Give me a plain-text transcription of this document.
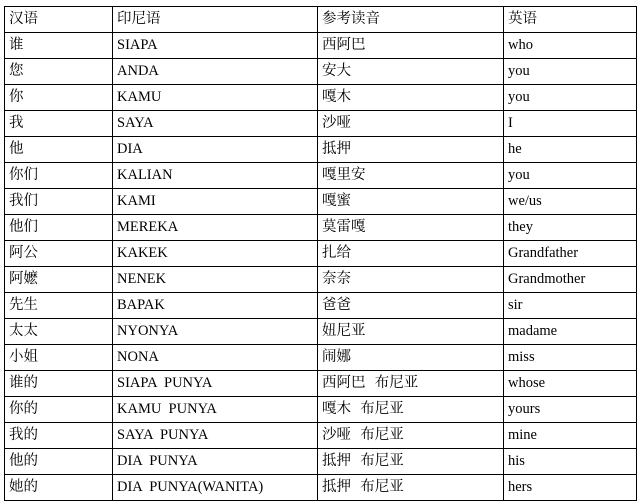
汉语	印尼语	参考读音	英语
谁	SIAPA	西阿巴	who
您	ANDA	安大	you
你	KAMU	嘎木	you
我	SAYA	沙哑	I
他	DIA	抵押	he
你们	KALIAN	嘎里安	you
我们	KAMI	嘎蜜	we/us
他们	MEREKA	莫雷嘎	they
阿公	KAKEK	扎给	Grandfather
阿嬷	NENEK	奈奈	Grandmother
先生	BAPAK	爸爸	sir
太太	NYONYA	妞尼亚	madame
小姐	NONA	闹娜	miss
谁的	SIAPA  PUNYA	西阿巴  布尼亚	whose
你的	KAMU  PUNYA	嘎木  布尼亚	yours
我的	SAYA  PUNYA	沙哑  布尼亚	mine
他的	DIA  PUNYA	抵押  布尼亚	his
她的	DIA  PUNYA(WANITA)	抵押  布尼亚	hers
